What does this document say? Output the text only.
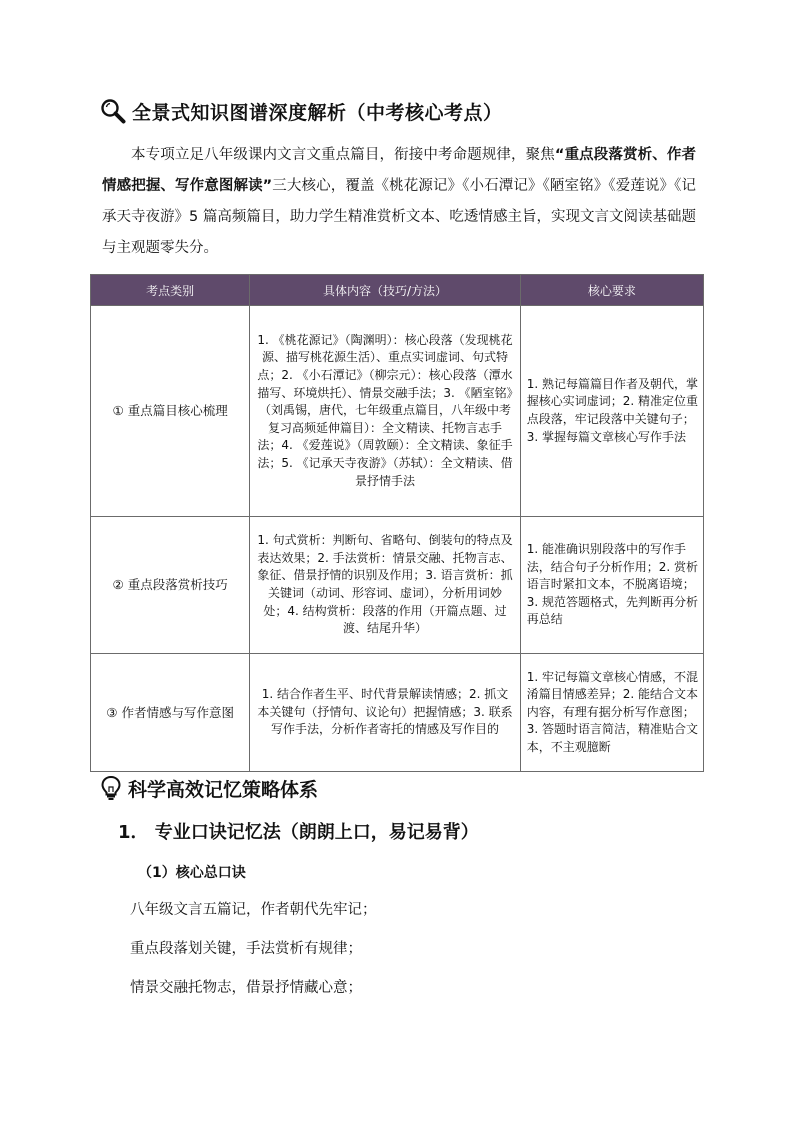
全景式知识图谱深度解析（中考核心考点）
本专项立足八年级课内文言文重点篇目，衔接中考命题规律，聚焦“重点段落赏析、作者情感把握、写作意图解读”三大核心，覆盖《桃花源记》《小石潭记》《陋室铭》《爱莲说》《记承天寺夜游》5 篇高频篇目，助力学生精准赏析文本、吃透情感主旨，实现文言文阅读基础题与主观题零失分。
考点类别	具体内容（技巧/方法）	核心要求
① 重点篇目核心梳理	1. 《桃花源记》（陶渊明）：核心段落（发现桃花源、描写桃花源生活）、重点实词虚词、句式特点；2. 《小石潭记》（柳宗元）：核心段落（潭水描写、环境烘托）、情景交融手法；3. 《陋室铭》（刘禹锡，唐代，七年级重点篇目，八年级中考复习高频延伸篇目）：全文精读、托物言志手法；4. 《爱莲说》（周敦颐）：全文精读、象征手法；5. 《记承天寺夜游》（苏轼）：全文精读、借景抒情手法	1. 熟记每篇篇目作者及朝代，掌握核心实词虚词；2. 精准定位重点段落，牢记段落中关键句子；3. 掌握每篇文章核心写作手法
② 重点段落赏析技巧	1. 句式赏析：判断句、省略句、倒装句的特点及表达效果；2. 手法赏析：情景交融、托物言志、象征、借景抒情的识别及作用；3. 语言赏析：抓关键词（动词、形容词、虚词），分析用词妙处；4. 结构赏析：段落的作用（开篇点题、过渡、结尾升华）	1. 能准确识别段落中的写作手法，结合句子分析作用；2. 赏析语言时紧扣文本，不脱离语境；3. 规范答题格式，先判断再分析再总结
③ 作者情感与写作意图	1. 结合作者生平、时代背景解读情感；2. 抓文本关键句（抒情句、议论句）把握情感；3. 联系写作手法，分析作者寄托的情感及写作目的	1. 牢记每篇文章核心情感，不混淆篇目情感差异；2. 能结合文本内容，有理有据分析写作意图；3. 答题时语言简洁，精准贴合文本，不主观臆断
科学高效记忆策略体系
1． 专业口诀记忆法（朗朗上口，易记易背）
（1）核心总口诀
八年级文言五篇记，作者朝代先牢记；
重点段落划关键，手法赏析有规律；
情景交融托物志，借景抒情藏心意；
